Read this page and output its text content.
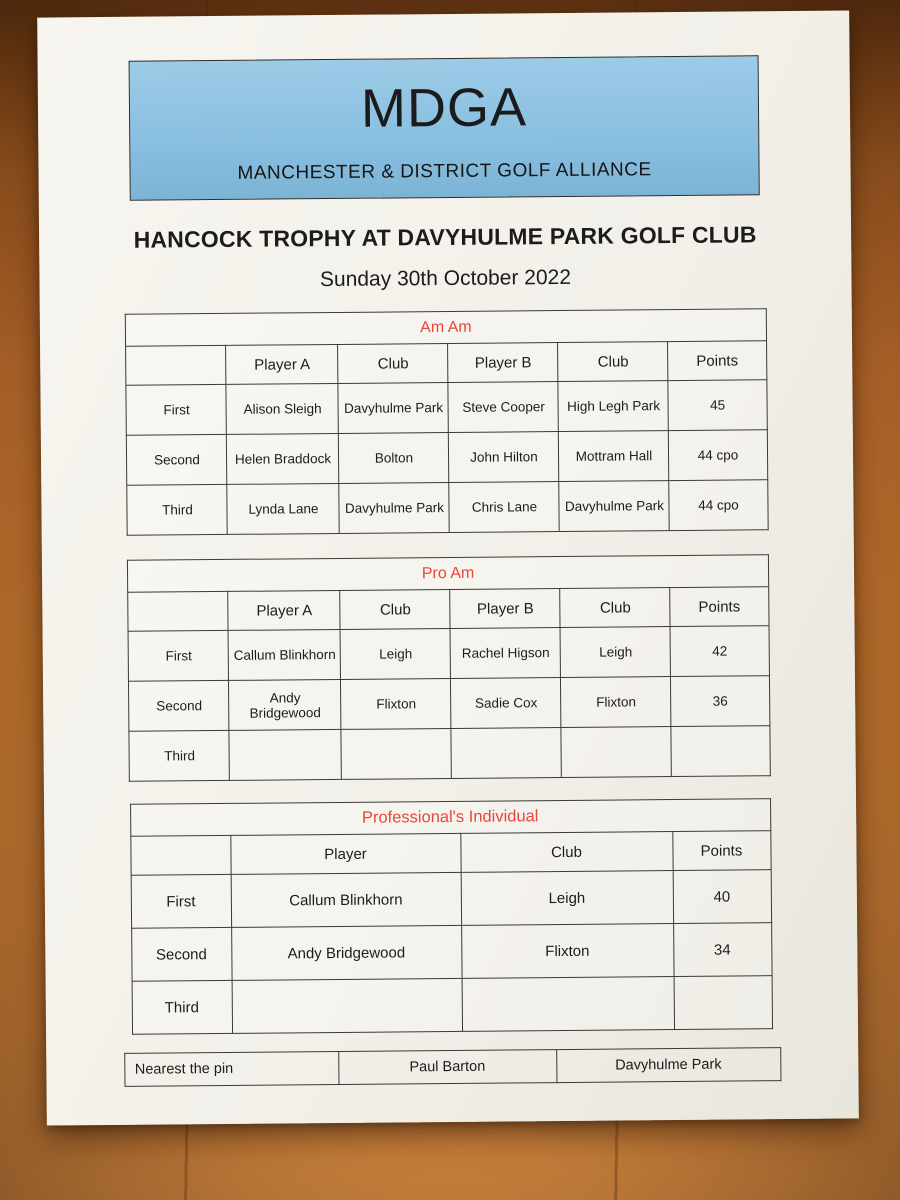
MDGA
MANCHESTER & DISTRICT GOLF ALLIANCE
HANCOCK TROPHY AT DAVYHULME PARK GOLF CLUB
Sunday 30th October 2022
Am Am					
	Player A	Club	Player B	Club	Points
First	Alison Sleigh	Davyhulme Park	Steve Cooper	High Legh Park	45
Second	Helen Braddock	Bolton	John Hilton	Mottram Hall	44 cpo
Third	Lynda Lane	Davyhulme Park	Chris Lane	Davyhulme Park	44 cpo
Pro Am					
	Player A	Club	Player B	Club	Points
First	Callum Blinkhorn	Leigh	Rachel Higson	Leigh	42
Second	Andy Bridgewood	Flixton	Sadie Cox	Flixton	36
Third					
Professional's Individual			
	Player	Club	Points
First	Callum Blinkhorn	Leigh	40
Second	Andy Bridgewood	Flixton	34
Third			
Nearest the pin	Paul Barton	Davyhulme Park
